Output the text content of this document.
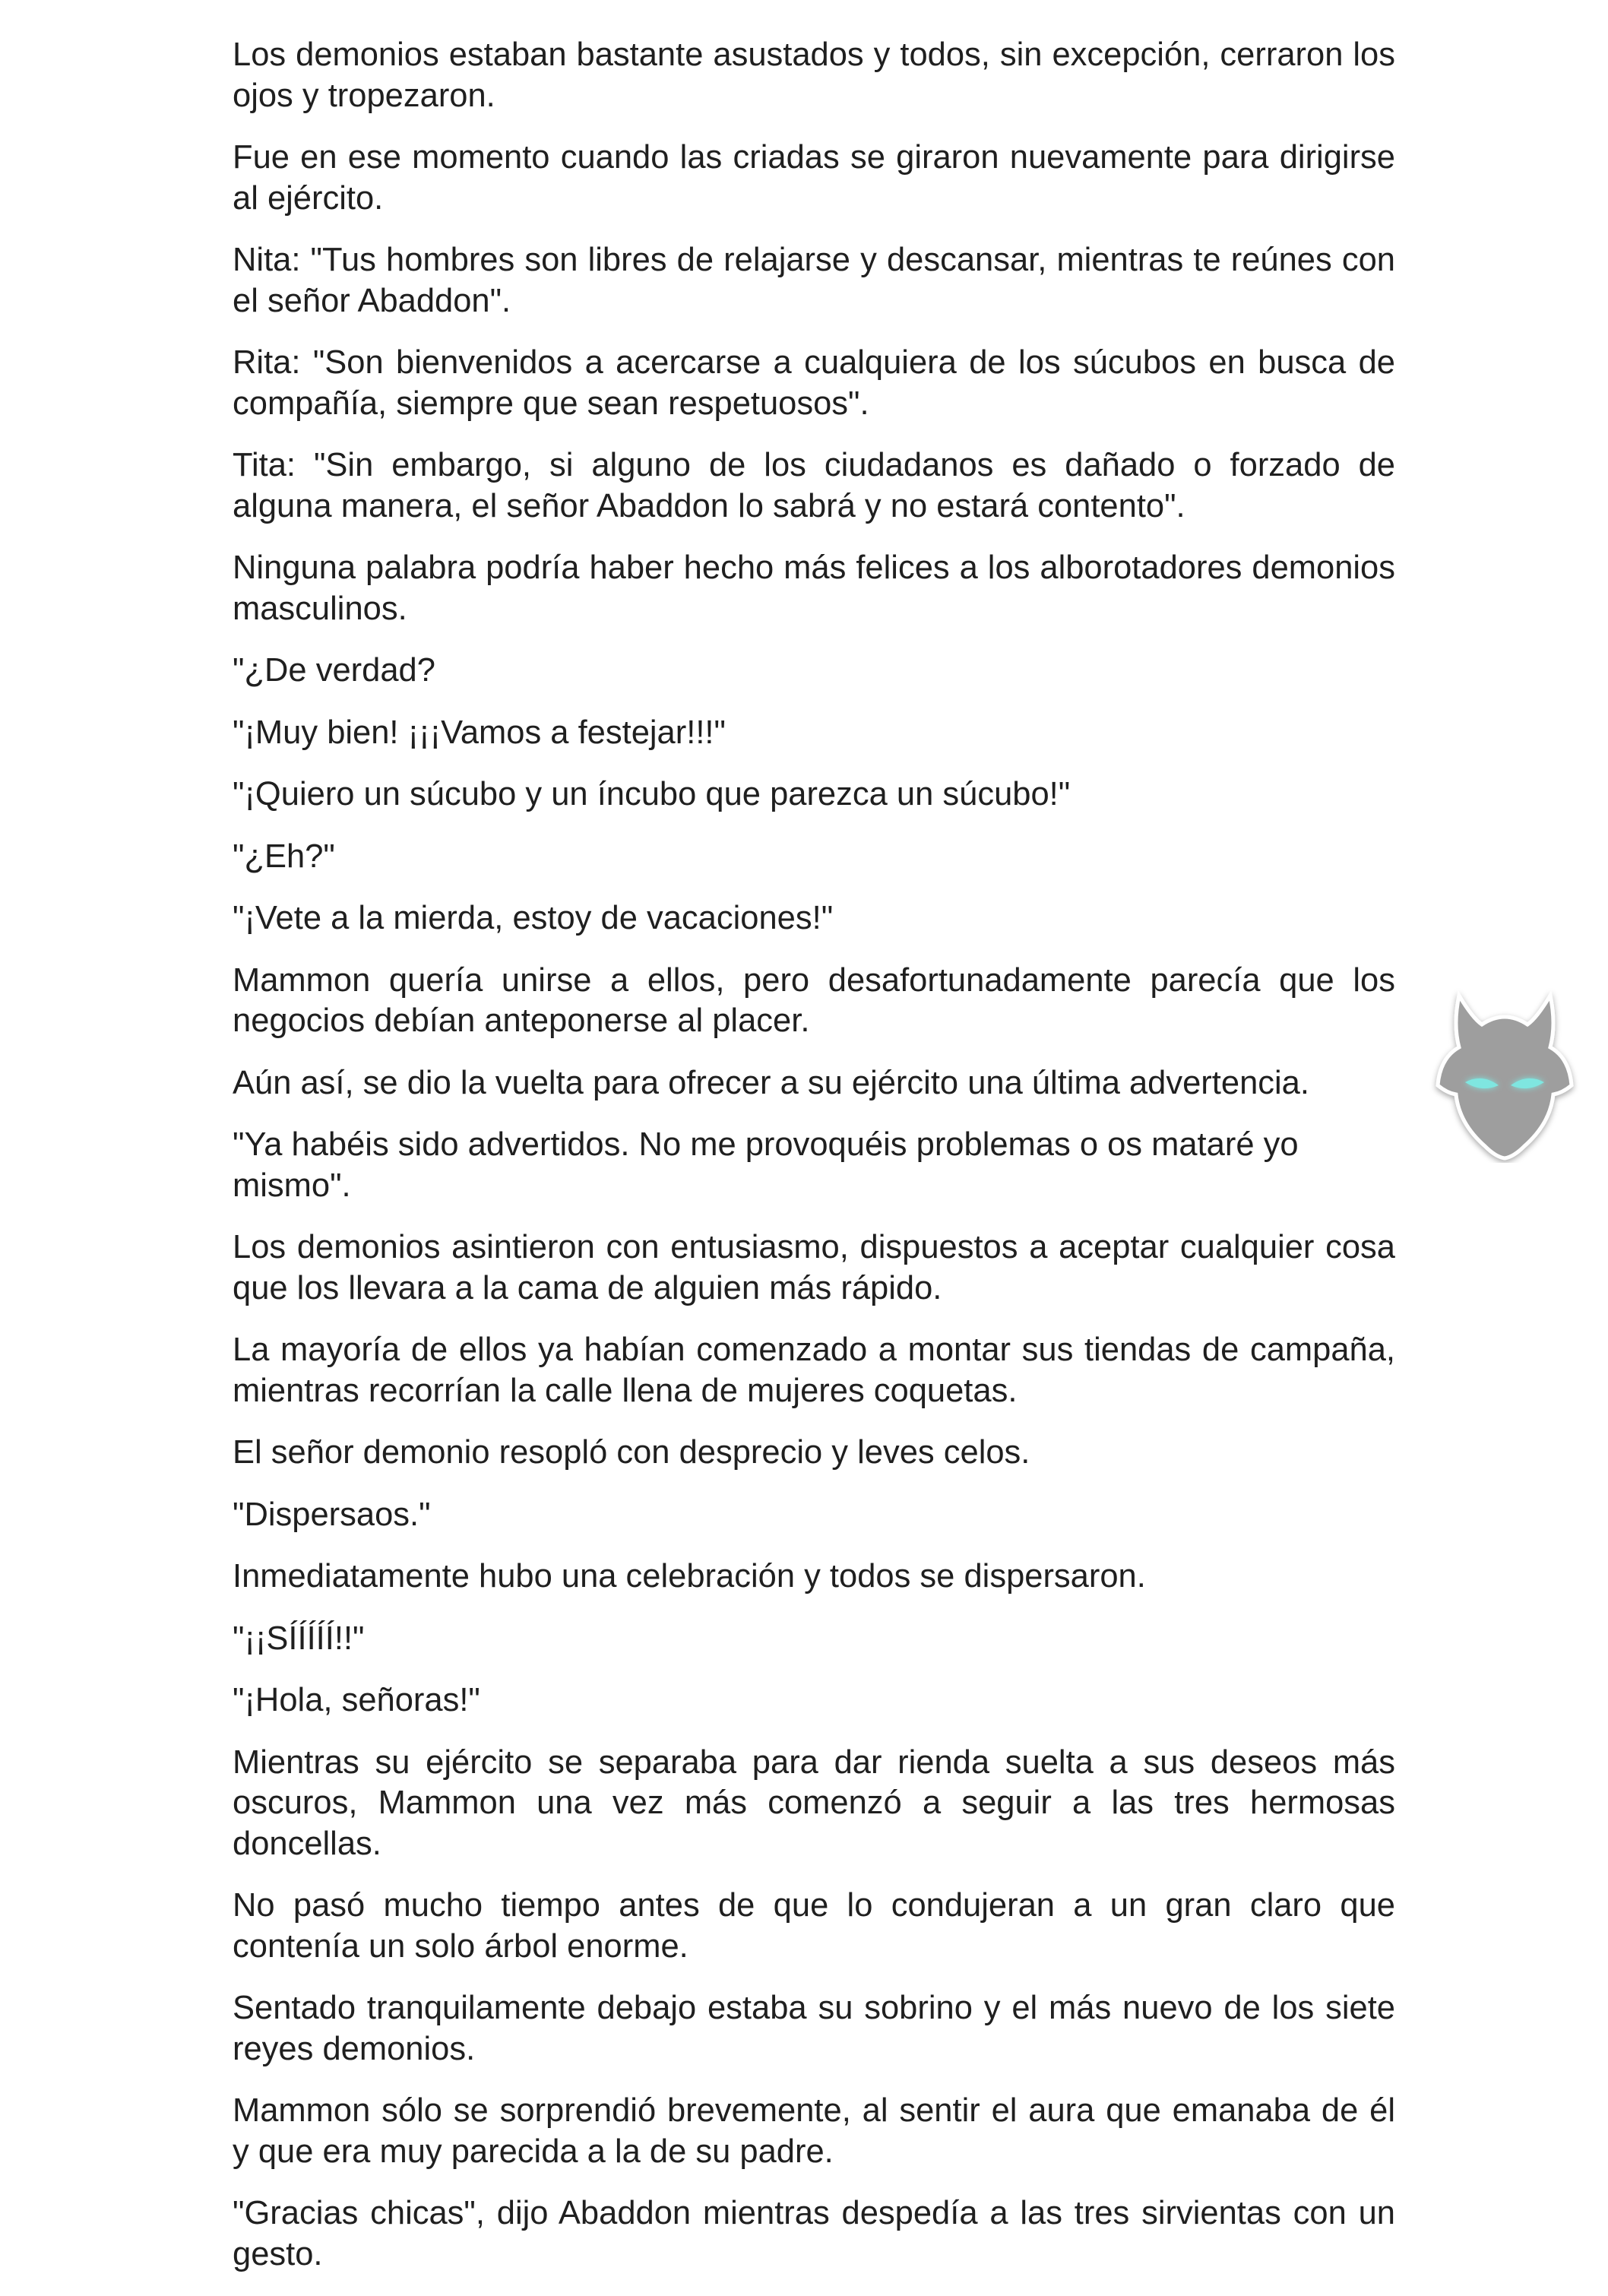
Los demonios estaban bastante asustados y todos, sin excepción, cerraron los ojos y tropezaron.

Fue en ese momento cuando las criadas se giraron nuevamente para dirigirse al ejército.

Nita: "Tus hombres son libres de relajarse y descansar, mientras te reúnes con el señor Abaddon".

Rita: "Son bienvenidos a acercarse a cualquiera de los súcubos en busca de compañía, siempre que sean respetuosos".

Tita: "Sin embargo, si alguno de los ciudadanos es dañado o forzado de alguna manera, el señor Abaddon lo sabrá y no estará contento".

Ninguna palabra podría haber hecho más felices a los alborotadores demonios masculinos.

"¿De verdad?

"¡Muy bien! ¡¡¡Vamos a festejar!!!"

"¡Quiero un súcubo y un íncubo que parezca un súcubo!"

"¿Eh?"

"¡Vete a la mierda, estoy de vacaciones!"

Mammon quería unirse a ellos, pero desafortunadamente parecía que los negocios debían anteponerse al placer.

Aún así, se dio la vuelta para ofrecer a su ejército una última advertencia.

"Ya habéis sido advertidos. No me provoquéis problemas o os mataré yo mismo".

Los demonios asintieron con entusiasmo, dispuestos a aceptar cualquier cosa que los llevara a la cama de alguien más rápido.

La mayoría de ellos ya habían comenzado a montar sus tiendas de campaña, mientras recorrían la calle llena de mujeres coquetas.

El señor demonio resopló con desprecio y leves celos.

"Dispersaos."

Inmediatamente hubo una celebración y todos se dispersaron.

"¡¡SÍÍÍÍÍ!!"

"¡Hola, señoras!"

Mientras su ejército se separaba para dar rienda suelta a sus deseos más oscuros, Mammon una vez más comenzó a seguir a las tres hermosas doncellas.

No pasó mucho tiempo antes de que lo condujeran a un gran claro que contenía un solo árbol enorme.

Sentado tranquilamente debajo estaba su sobrino y el más nuevo de los siete reyes demonios.

Mammon sólo se sorprendió brevemente, al sentir el aura que emanaba de él y que era muy parecida a la de su padre.

"Gracias chicas", dijo Abaddon mientras despedía a las tres sirvientas con un gesto.
